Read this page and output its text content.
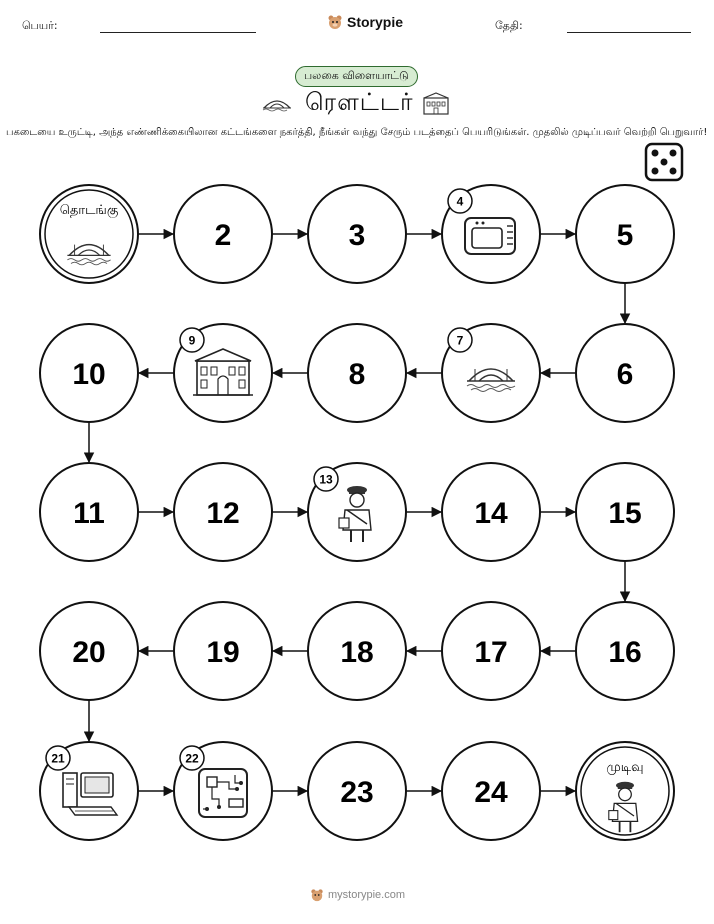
பெயர்:	Storypie	தேதி:
பலகை விளையாட்டு
ரெளட்டர்
பகடையை உருட்டி, அந்த எண்ணிக்கையிலான கட்டங்களை நகர்த்தி, நீங்கள் வந்து சேரும் படத்தைப் பெயரிடுங்கள். முதலில் முடிப்பவர் வெற்றி பெறுவார்!
தொடங்கு
2	3
4
5
6
7
8
9
10
11	12
13
14	15
16
17
18
19
20
21	22
23	24
முடிவு
mystorypie.com
